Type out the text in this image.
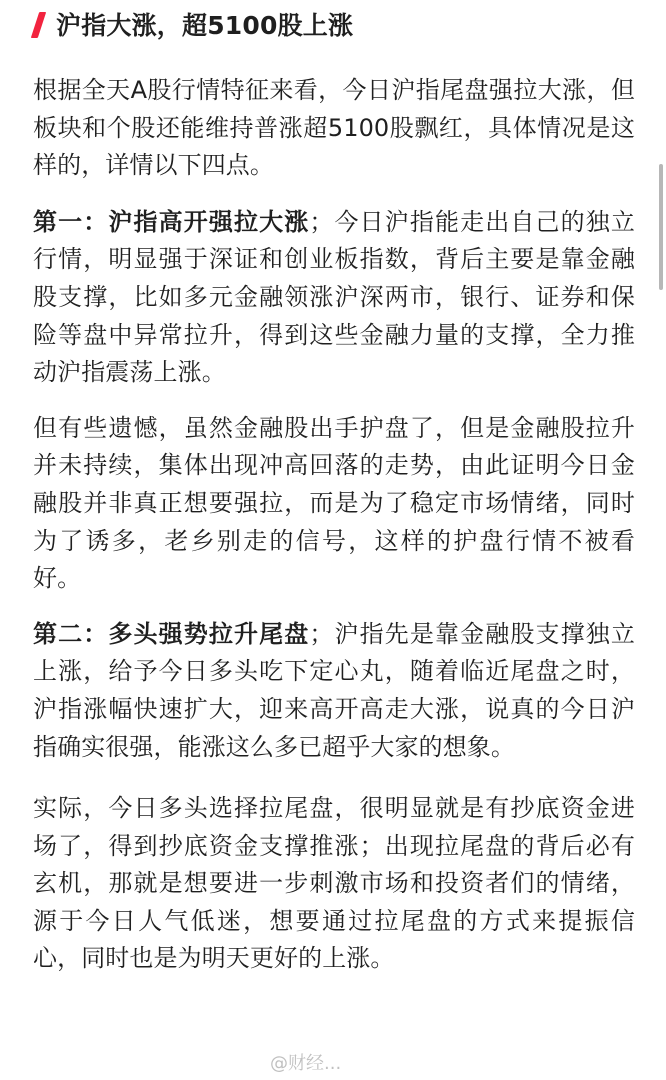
沪指大涨，超5100股上涨

根据全天A股行情特征来看，今日沪指尾盘强拉大涨，但板块和个股还能维持普涨超5100股飘红，具体情况是这样的，详情以下四点。

第一：沪指高开强拉大涨；今日沪指能走出自己的独立行情，明显强于深证和创业板指数，背后主要是靠金融股支撑，比如多元金融领涨沪深两市，银行、证券和保险等盘中异常拉升，得到这些金融力量的支撑，全力推动沪指震荡上涨。

但有些遗憾，虽然金融股出手护盘了，但是金融股拉升并未持续，集体出现冲高回落的走势，由此证明今日金融股并非真正想要强拉，而是为了稳定市场情绪，同时为了诱多，老乡别走的信号，这样的护盘行情不被看好。

第二：多头强势拉升尾盘；沪指先是靠金融股支撑独立上涨，给予今日多头吃下定心丸，随着临近尾盘之时，沪指涨幅快速扩大，迎来高开高走大涨，说真的今日沪指确实很强，能涨这么多已超乎大家的想象。

实际，今日多头选择拉尾盘，很明显就是有抄底资金进场了，得到抄底资金支撑推涨；出现拉尾盘的背后必有玄机，那就是想要进一步刺激市场和投资者们的情绪，源于今日人气低迷，想要通过拉尾盘的方式来提振信心，同时也是为明天更好的上涨。

@财经...
